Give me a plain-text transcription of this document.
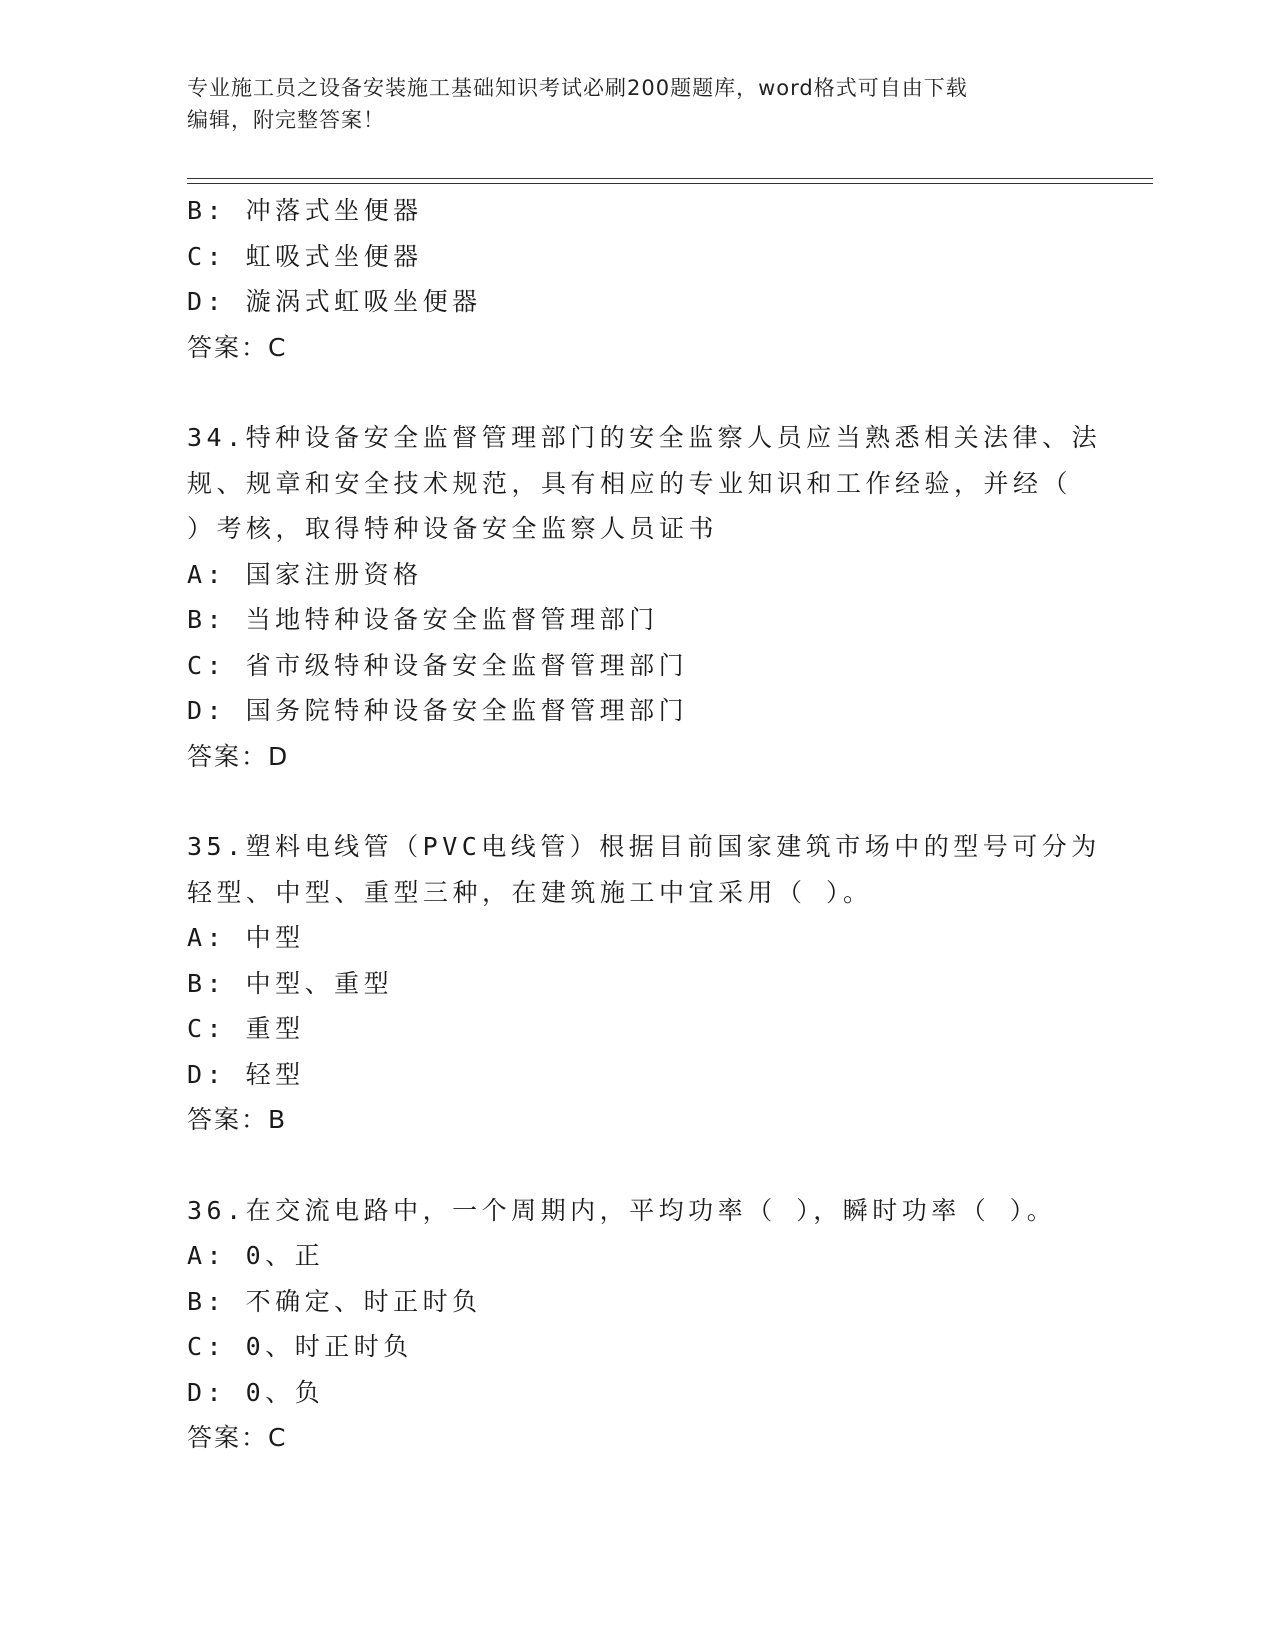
专业施工员之设备安装施工基础知识考试必刷200题题库，word格式可自由下载
编辑，附完整答案！
B: 冲落式坐便器
C: 虹吸式坐便器
D: 漩涡式虹吸坐便器
答案：C
34.特种设备安全监督管理部门的安全监察人员应当熟悉相关法律、法
规、规章和安全技术规范，具有相应的专业知识和工作经验，并经（
）考核，取得特种设备安全监察人员证书
A: 国家注册资格
B: 当地特种设备安全监督管理部门
C: 省市级特种设备安全监督管理部门
D: 国务院特种设备安全监督管理部门
答案：D
35.塑料电线管（PVC电线管）根据目前国家建筑市场中的型号可分为
轻型、中型、重型三种，在建筑施工中宜采用（ ）。
A: 中型
B: 中型、重型
C: 重型
D: 轻型
答案：B
36.在交流电路中，一个周期内，平均功率（ ），瞬时功率（ ）。
A: 0、正
B: 不确定、时正时负
C: 0、时正时负
D: 0、负
答案：C
